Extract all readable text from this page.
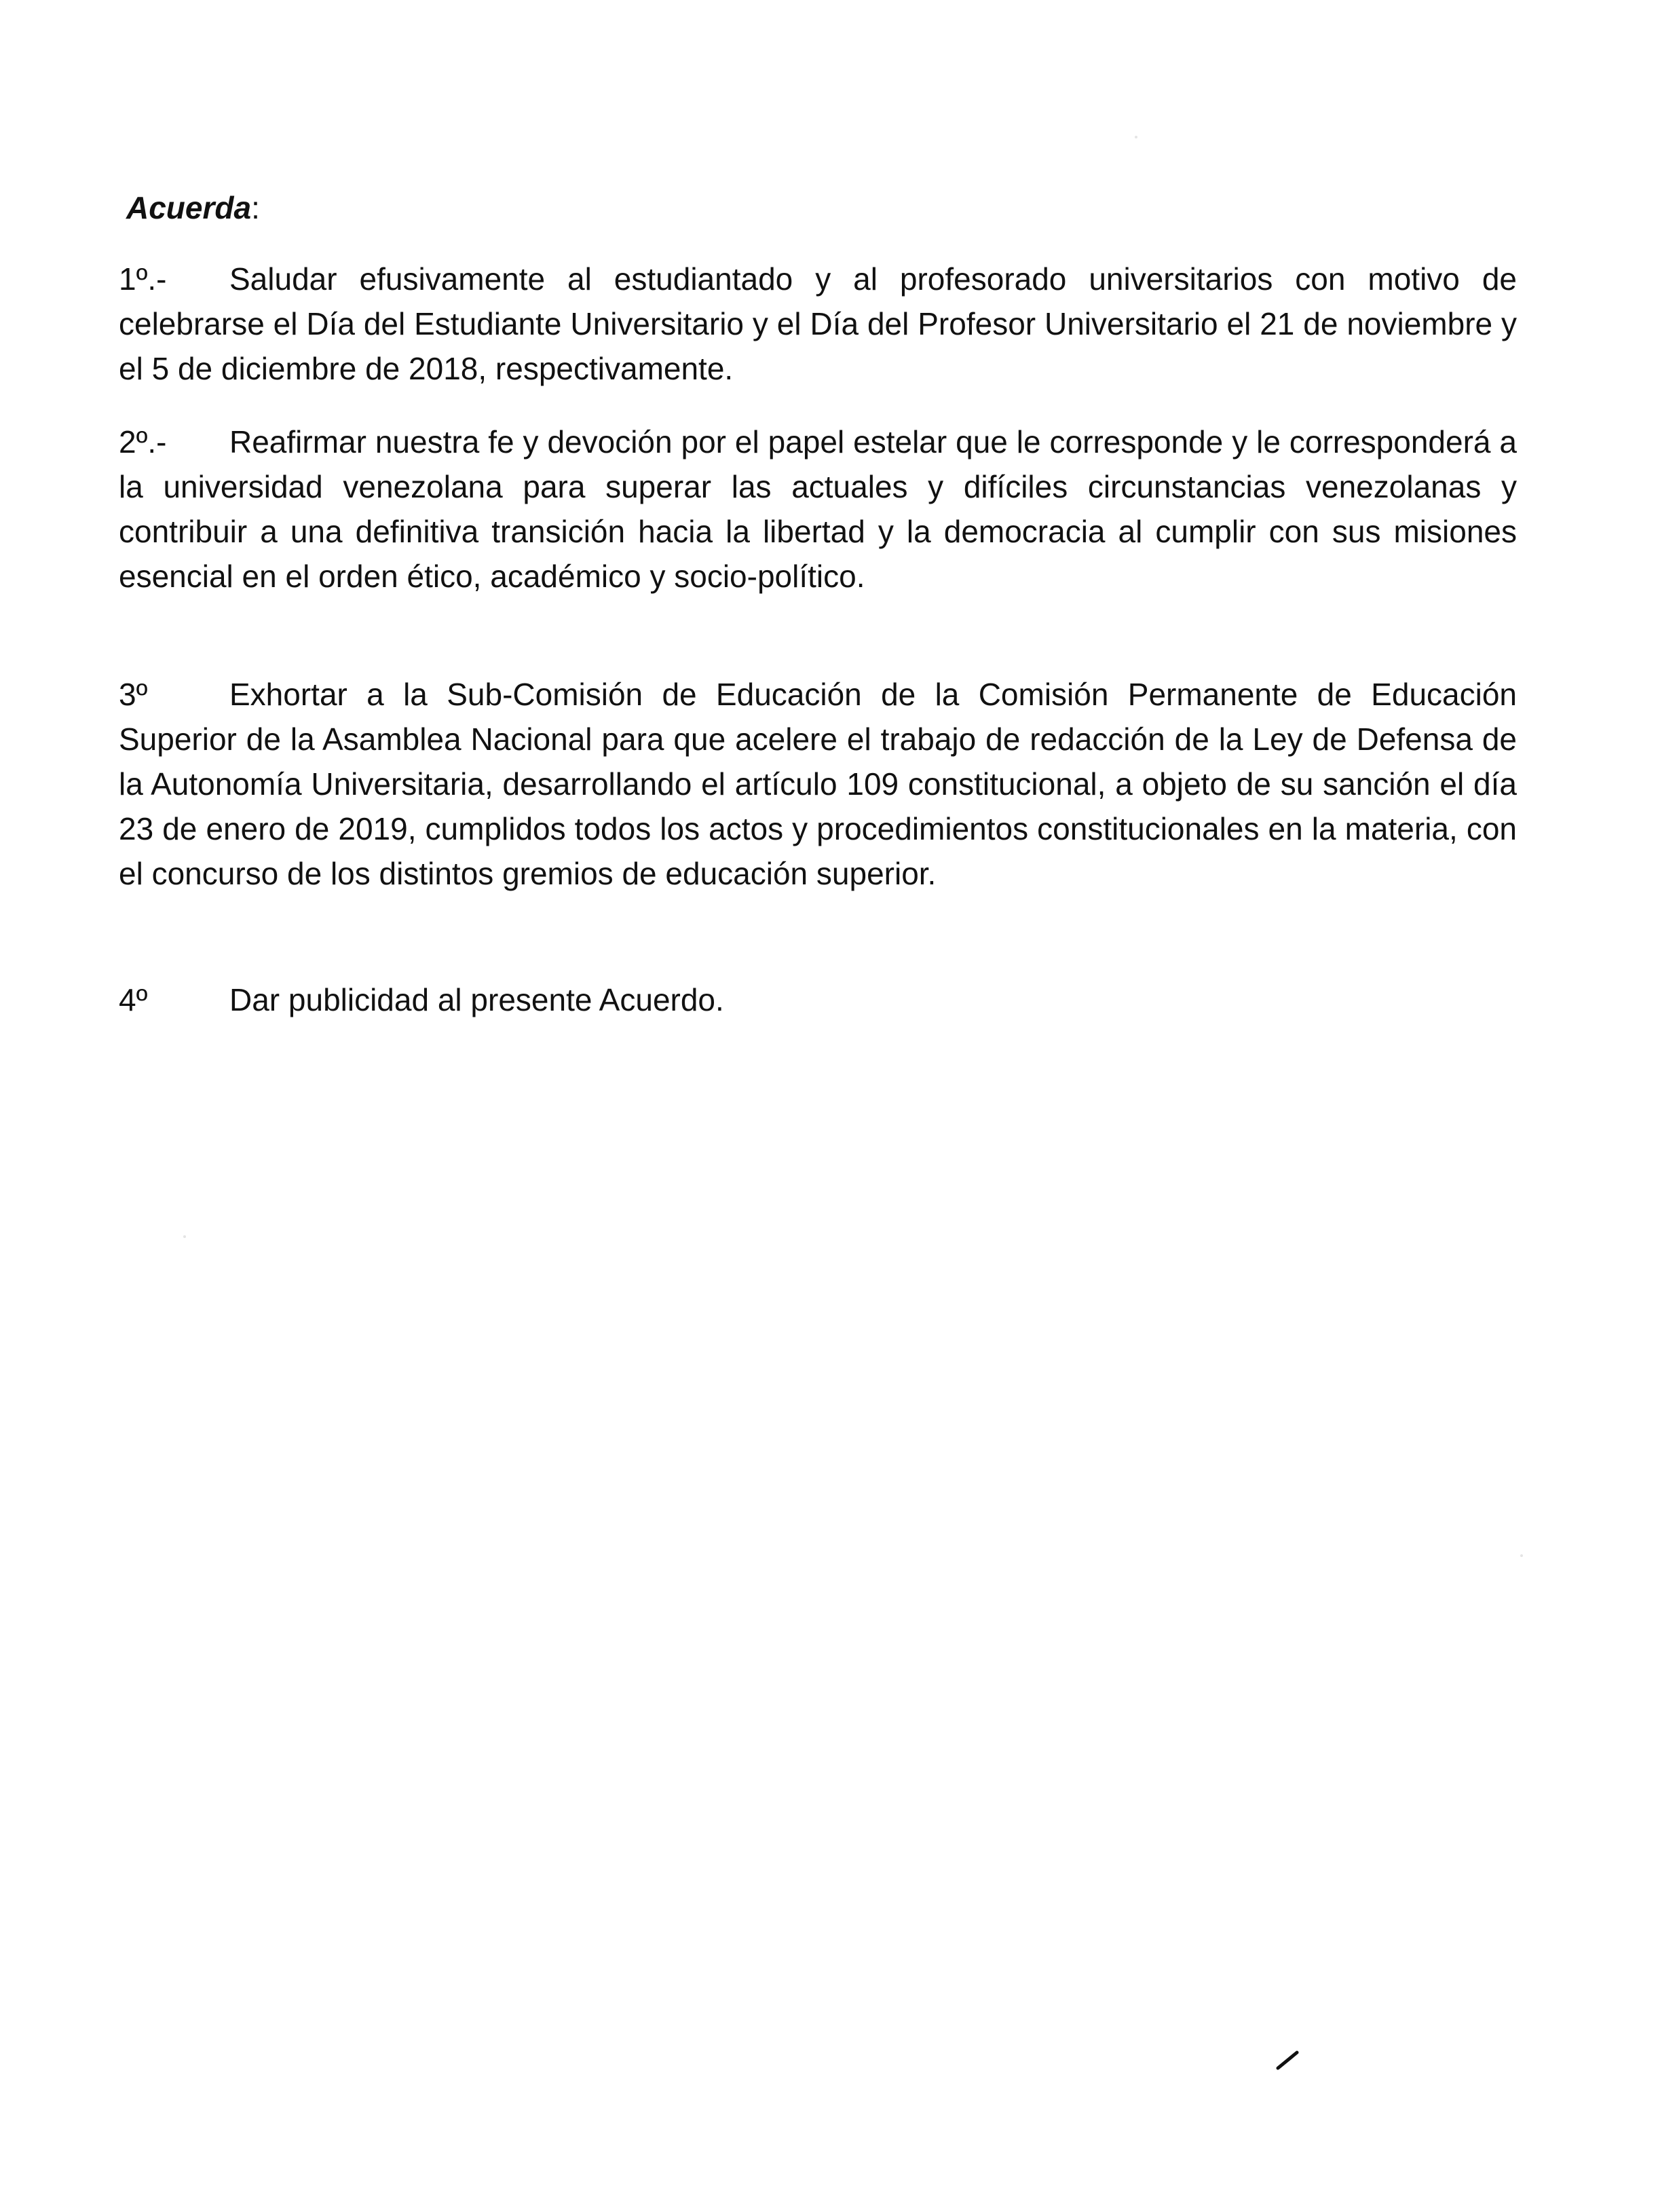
Acuerda:

1º.- Saludar efusivamente al estudiantado y al profesorado universitarios con motivo de celebrarse el Día del Estudiante Universitario y el Día del Profesor Universitario el 21 de noviembre y el 5 de diciembre de 2018, respectivamente.

2º.- Reafirmar nuestra fe y devoción por el papel estelar que le corresponde y le corresponderá a la universidad venezolana para superar las actuales y difíciles circunstancias venezolanas y contribuir a una definitiva transición hacia la libertad y la democracia al cumplir con sus misiones esencial en el orden ético, académico y socio-político.

3º	Exhortar a la Sub-Comisión de Educación de la Comisión Permanente de Educación Superior de la Asamblea Nacional para que acelere el trabajo de redacción de la Ley de Defensa de la Autonomía Universitaria, desarrollando el artículo 109 constitucional, a objeto de su sanción el día 23 de enero de 2019, cumplidos todos los actos y procedimientos constitucionales en la materia, con el concurso de los distintos gremios de educación superior.

4º	Dar publicidad al presente Acuerdo.
